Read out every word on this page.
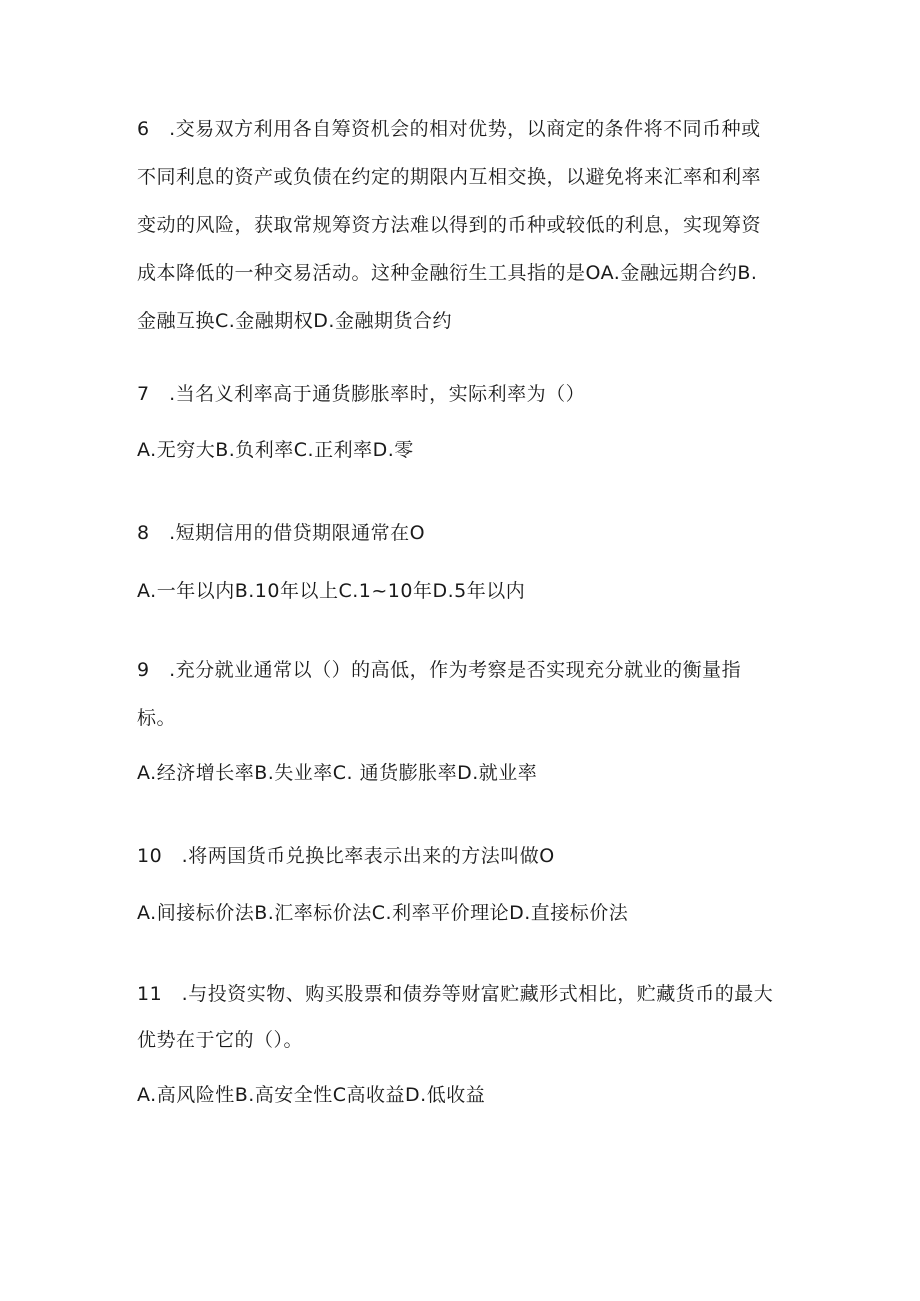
6　.交易双方利用各自筹资机会的相对优势，以商定的条件将不同币种或
不同利息的资产或负债在约定的期限内互相交换，以避免将来汇率和利率
变动的风险，获取常规筹资方法难以得到的币种或较低的利息，实现筹资
成本降低的一种交易活动。这种金融衍生工具指的是OA.金融远期合约B.
金融互换C.金融期权D.金融期货合约
7　.当名义利率高于通货膨胀率时，实际利率为（）
A.无穷大B.负利率C.正利率D.零
8　.短期信用的借贷期限通常在O
A.一年以内B.10年以上C.1~10年D.5年以内
9　.充分就业通常以（）的高低，作为考察是否实现充分就业的衡量指
标。
A.经济增长率B.失业率C. 通货膨胀率D.就业率
10　.将两国货币兑换比率表示出来的方法叫做O
A.间接标价法B.汇率标价法C.利率平价理论D.直接标价法
11　.与投资实物、购买股票和债券等财富贮藏形式相比，贮藏货币的最大
优势在于它的（）。
A.高风险性B.高安全性C高收益D.低收益
